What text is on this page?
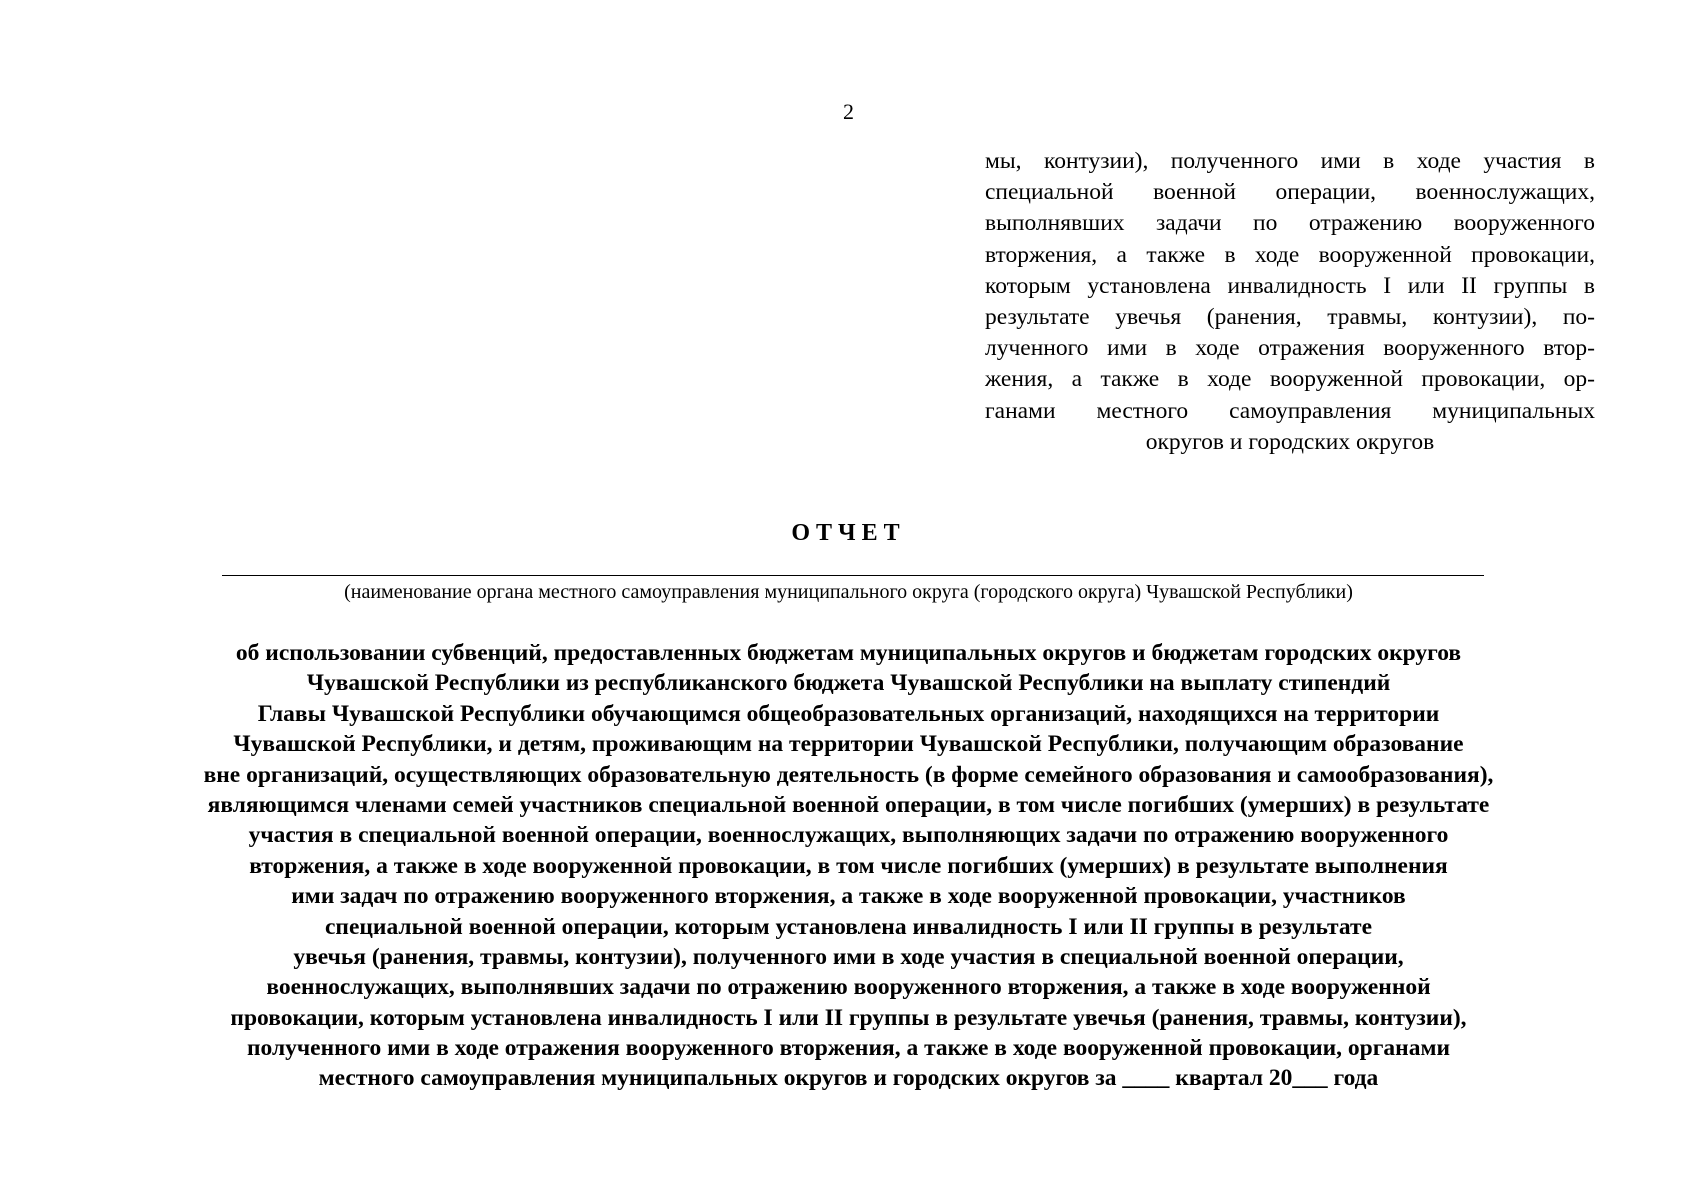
2
мы, контузии), полученного ими в ходе участия в
специальной военной операции, военнослужащих,
выполнявших задачи по отражению вооруженного
вторжения, а также в ходе вооруженной провокации,
которым установлена инвалидность I или II группы в
результате увечья (ранения, травмы, контузии), по-
лученного ими в ходе отражения вооруженного втор-
жения, а также в ходе вооруженной провокации, ор-
ганами местного самоуправления муниципальных
округов и городских округов
ОТЧЕТ
(наименование органа местного самоуправления муниципального округа (городского округа) Чувашской Республики)
об использовании субвенций, предоставленных бюджетам муниципальных округов и бюджетам городских округов
Чувашской Республики из республиканского бюджета Чувашской Республики на выплату стипендий
Главы Чувашской Республики обучающимся общеобразовательных организаций, находящихся на территории
Чувашской Республики, и детям, проживающим на территории Чувашской Республики, получающим образование
вне организаций, осуществляющих образовательную деятельность (в форме семейного образования и самообразования),
являющимся членами семей участников специальной военной операции, в том числе погибших (умерших) в результате
участия в специальной военной операции, военнослужащих, выполняющих задачи по отражению вооруженного
вторжения, а также в ходе вооруженной провокации, в том числе погибших (умерших) в результате выполнения
ими задач по отражению вооруженного вторжения, а также в ходе вооруженной провокации, участников
специальной военной операции, которым установлена инвалидность I или II группы в результате
увечья (ранения, травмы, контузии), полученного ими в ходе участия в специальной военной операции,
военнослужащих, выполнявших задачи по отражению вооруженного вторжения, а также в ходе вооруженной
провокации, которым установлена инвалидность I или II группы в результате увечья (ранения, травмы, контузии),
полученного ими в ходе отражения вооруженного вторжения, а также в ходе вооруженной провокации, органами
местного самоуправления муниципальных округов и городских округов за ____ квартал 20___ года
